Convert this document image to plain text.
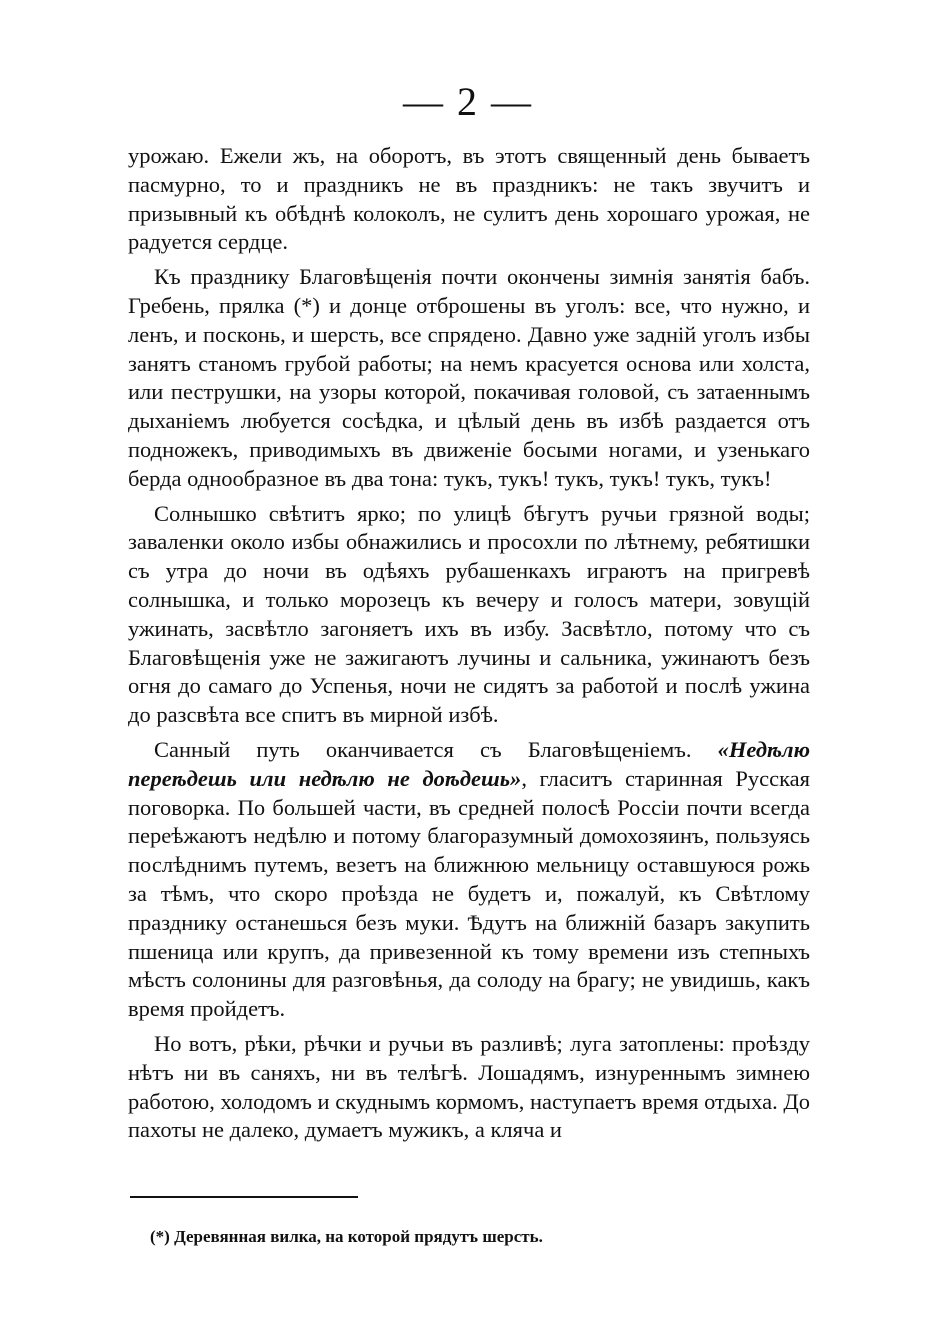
— 2 —

урожаю. Ежели жъ, на оборотъ, въ этотъ священный день бываетъ пасмурно, то и праздникъ не въ праздникъ: не такъ звучитъ и призывный къ обѣднѣ колоколъ, не сулитъ день хорошаго урожая, не радуется сердце.

Къ празднику Благовѣщенія почти окончены зимнія занятія бабъ. Гребень, прялка (*) и донце отброшены въ уголъ: все, что нужно, и ленъ, и посконь, и шерсть, все спрядено. Давно уже задній уголъ избы занятъ станомъ грубой работы; на немъ красуется основа или холста, или пеструшки, на узоры которой, покачивая головой, съ затаеннымъ дыханіемъ любуется сосѣдка, и цѣлый день въ избѣ раздается отъ подножекъ, приводимыхъ въ движеніе босыми ногами, и узенькаго берда однообразное въ два тона: тукъ, тукъ! тукъ, тукъ! тукъ, тукъ!

Солнышко свѣтитъ ярко; по улицѣ бѣгутъ ручьи грязной воды; заваленки около избы обнажились и просохли по лѣтнему, ребятишки съ утра до ночи въ одѣяхъ рубашенкахъ играютъ на пригревѣ солнышка, и только морозецъ къ вечеру и голосъ матери, зовущій ужинать, засвѣтло загоняетъ ихъ въ избу. Засвѣтло, потому что съ Благовѣщенія уже не зажигаютъ лучины и сальника, ужинаютъ безъ огня до самаго до Успенья, ночи не сидятъ за работой и послѣ ужина до разсвѣта все спитъ въ мирной избѣ.

Санный путь оканчивается съ Благовѣщеніемъ. «Недѣлю переѣдешь или недѣлю не доѣдешь», гласитъ старинная Русская поговорка. По большей части, въ средней полосѣ Россіи почти всегда переѣжаютъ недѣлю и потому благоразумный домохозяинъ, пользуясь послѣднимъ путемъ, везетъ на ближнюю мельницу оставшуюся рожь за тѣмъ, что скоро проѣзда не будетъ и, пожалуй, къ Свѣтлому празднику останешься безъ муки. Ѣдутъ на ближній базаръ закупить пшеница или крупъ, да привезенной къ тому времени изъ степныхъ мѣстъ солонины для разговѣнья, да солоду на брагу; не увидишь, какъ время пройдетъ.

Но вотъ, рѣки, рѣчки и ручьи въ разливѣ; луга затоплены: проѣзду нѣтъ ни въ саняхъ, ни въ телѣгѣ. Лошадямъ, изнуреннымъ зимнею работою, холодомъ и скуднымъ кормомъ, наступаетъ время отдыха. До пахоты не далеко, думаетъ мужикъ, а кляча и

(*) Деревянная вилка, на которой прядутъ шерсть.
